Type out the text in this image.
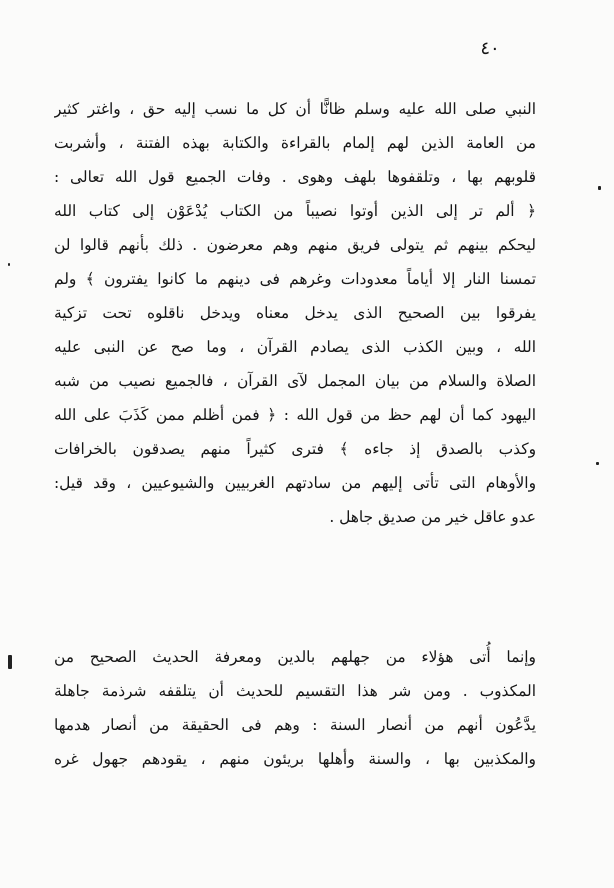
٤٠
النبي صلى الله عليه وسلم ظانًّا أن كل ما نسب إليه حق ، واغتر كثير
من العامة الذين لهم إلمام بالقراءة والكتابة بهذه الفتنة ، وأشربت
قلوبهم بها ، وتلقفوها بلهف وهوى . وفات الجميع قول الله تعالى :
﴿ ألم تر إلى الذين أوتوا نصيباً من الكتاب يُدْعَوْن إلى كتاب الله
ليحكم بينهم ثم يتولى فريق منهم وهم معرضون . ذلك بأنهم قالوا لن
تمسنا النار إلا أياماً معدودات وغرهم فى دينهم ما كانوا يفترون ﴾ ولم
يفرقوا بين الصحيح الذى يدخل معناه ويدخل ناقلوه تحت تزكية
الله ، وبين الكذب الذى يصادم القرآن ، وما صح عن النبى عليه
الصلاة والسلام من بيان المجمل لآى القرآن ، فالجميع نصيب من شبه
اليهود كما أن لهم حظ من قول الله : ﴿ فمن أظلم ممن كَذَبَ على الله
وكذب بالصدق إذ جاءه ﴾ فترى كثيراً منهم يصدقون بالخرافات
والأوهام التى تأتى إليهم من سادتهم الغربيين والشيوعيين ، وقد قيل:
عدو عاقل خير من صديق جاهل .
وإنما أُتى هؤلاء من جهلهم بالدين ومعرفة الحديث الصحيح من
المكذوب . ومن شر هذا التقسيم للحديث أن يتلقفه شرذمة جاهلة
يدَّعُون أنهم من أنصار السنة : وهم فى الحقيقة من أنصار هدمها
والمكذبين بها ، والسنة وأهلها بريئون منهم ، يقودهم جهول غره
